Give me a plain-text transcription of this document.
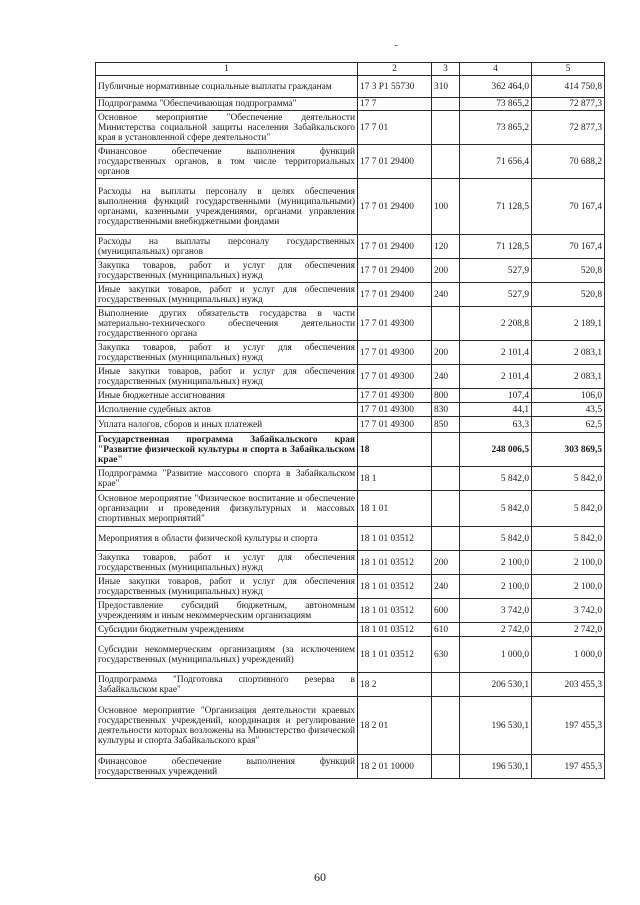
1	2	3	4	5
Публичные нормативные социальные выплаты гражданам	17 3 Р1 55730	310	362 464,0	414 750,8
Подпрограмма "Обеспечивающая подпрограмма"	17 7		73 865,2	72 877,3
Основное мероприятие "Обеспечение деятельности Министерства социальной защиты населения Забайкальского края в установленной сфере деятельности"	17 7 01		73 865,2	72 877,3
Финансовое обеспечение выполнения функций государственных органов, в том числе территориальных органов	17 7 01 29400		71 656,4	70 688,2
Расходы на выплаты персоналу в целях обеспечения выполнения функций государственными (муниципальными) органами, казенными учреждениями, органами управления государственными внебюджетными фондами	17 7 01 29400	100	71 128,5	70 167,4
Расходы на выплаты персоналу государственных (муниципальных) органов	17 7 01 29400	120	71 128,5	70 167,4
Закупка товаров, работ и услуг для обеспечения государственных (муниципальных) нужд	17 7 01 29400	200	527,9	520,8
Иные закупки товаров, работ и услуг для обеспечения государственных (муниципальных) нужд	17 7 01 29400	240	527,9	520,8
Выполнение других обязательств государства в части материально-технического обеспечения деятельности государственного органа	17 7 01 49300		2 208,8	2 189,1
Закупка товаров, работ и услуг для обеспечения государственных (муниципальных) нужд	17 7 01 49300	200	2 101,4	2 083,1
Иные закупки товаров, работ и услуг для обеспечения государственных (муниципальных) нужд	17 7 01 49300	240	2 101,4	2 083,1
Иные бюджетные ассигнования	17 7 01 49300	800	107,4	106,0
Исполнение судебных актов	17 7 01 49300	830	44,1	43,5
Уплата налогов, сборов и иных платежей	17 7 01 49300	850	63,3	62,5
Государственная программа Забайкальского края "Развитие физической культуры и спорта в Забайкальском крае"	18		248 006,5	303 869,5
Подпрограмма "Развитие массового спорта в Забайкальском крае"	18 1		5 842,0	5 842,0
Основное мероприятие "Физическое воспитание и обеспечение организации и проведения физкультурных и массовых спортивных мероприятий"	18 1 01		5 842,0	5 842,0
Мероприятия в области физической культуры и спорта	18 1 01 03512		5 842,0	5 842,0
Закупка товаров, работ и услуг для обеспечения государственных (муниципальных) нужд	18 1 01 03512	200	2 100,0	2 100,0
Иные закупки товаров, работ и услуг для обеспечения государственных (муниципальных) нужд	18 1 01 03512	240	2 100,0	2 100,0
Предоставление субсидий бюджетным, автономным учреждениям и иным некоммерческим организациям	18 1 01 03512	600	3 742,0	3 742,0
Субсидии бюджетным учреждениям	18 1 01 03512	610	2 742,0	2 742,0
Субсидии некоммерческим организациям (за исключением государственных (муниципальных) учреждений)	18 1 01 03512	630	1 000,0	1 000,0
Подпрограмма "Подготовка спортивного резерва в Забайкальском крае"	18 2		206 530,1	203 455,3
Основное мероприятие "Организация деятельности краевых государственных учреждений, координация и регулирование деятельности которых возложены на Министерство физической культуры и спорта Забайкальского края"	18 2 01		196 530,1	197 455,3
Финансовое обеспечение выполнения функций государственных учреждений	18 2 01 10000		196 530,1	197 455,3
60
